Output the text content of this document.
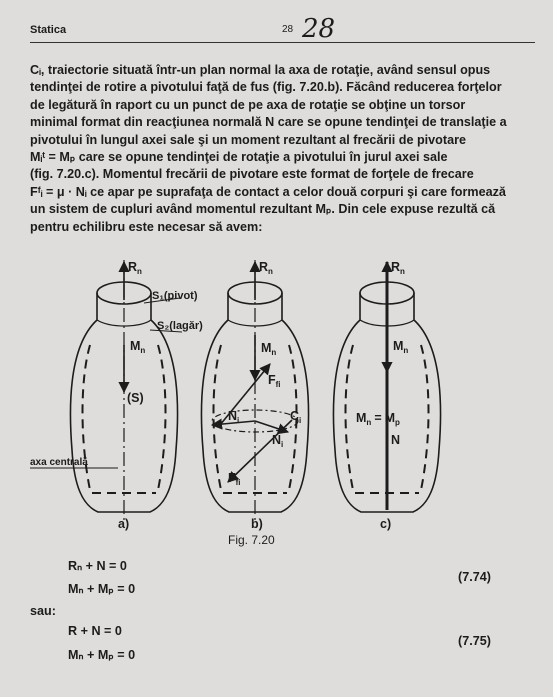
Statica	28 28

Cᵢ, traiectorie situată într-un plan normal la axa de rotaţie, având sensul opus

tendinţei de rotire a pivotului faţă de fus (fig. 7.20.b). Făcând reducerea forţelor

de legătură în raport cu un punct de pe axa de rotaţie se obţine un torsor

minimal format din reacţiunea normală N care se opune tendinţei de translaţie a

pivotului în lungul axei sale şi un moment rezultant al frecării de pivotare

Mᵢᵗ = Mₚ care se opune tendinţei de rotaţie a pivotului în jurul axei sale

(fig. 7.20.c). Momentul frecării de pivotare este format de forţele de frecare

Fᶠᵢ = μ · Nᵢ ce apar pe suprafaţa de contact a celor două corpuri şi care formează

un sistem de cupluri având momentul rezultant Mₚ. Din cele expuse rezultă că

pentru echilibru este necesar să avem:

$R_n$
$M_n$
S₁(pivot)
S₂(lagăr)
(S)
axa centrală
a)
$R_n$
$M_n$
$F_{fi}$
$N_i$
$N_i$
$C_i$
$F_{fi}$
b)
$R_n$
$M_n$
$M_n = M_p$
N
c)
Fig. 7.20
Rₙ + N = 0
Mₙ + Mₚ = 0
(7.74)
sau:
R + N = 0
Mₙ + Mₚ = 0
(7.75)
